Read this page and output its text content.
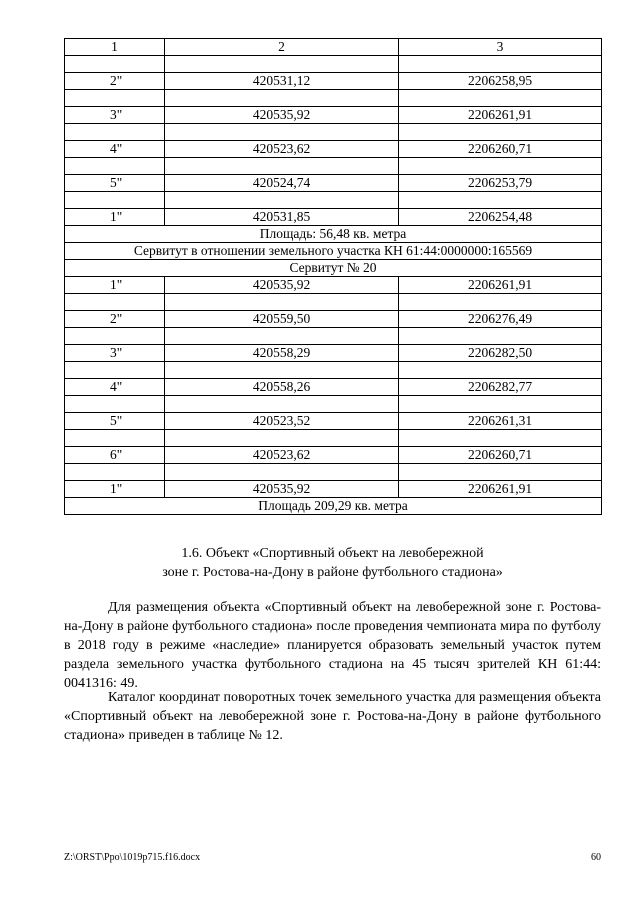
1	2	3

2"	420531,12	2206258,95

3"	420535,92	2206261,91

4"	420523,62	2206260,71

5"	420524,74	2206253,79

1"	420531,85	2206254,48
Площадь: 56,48 кв. метра		
Сервитут в отношении земельного участка КН 61:44:0000000:165569		
Сервитут № 20		
1"	420535,92	2206261,91

2"	420559,50	2206276,49

3"	420558,29	2206282,50

4"	420558,26	2206282,77

5"	420523,52	2206261,31

6"	420523,62	2206260,71

1"	420535,92	2206261,91
Площадь 209,29 кв. метра		
1.6. Объект «Спортивный объект на левобережной
зоне г. Ростова-на-Дону в районе футбольного стадиона»

Для размещения объекта «Спортивный объект на левобережной зоне г. Ростова-на-Дону в районе футбольного стадиона» после проведения чемпионата мира по футболу в 2018 году в режиме «наследие» планируется образовать земельный участок путем раздела земельного участка футбольного стадиона на 45 тысяч зрителей КН 61:44: 0041316: 49.

Каталог координат поворотных точек земельного участка для размещения объекта «Спортивный объект на левобережной зоне г. Ростова-на-Дону в районе футбольного стадиона» приведен в таблице № 12.

Z:\ORST\Ppo\1019p715.f16.docx	60
